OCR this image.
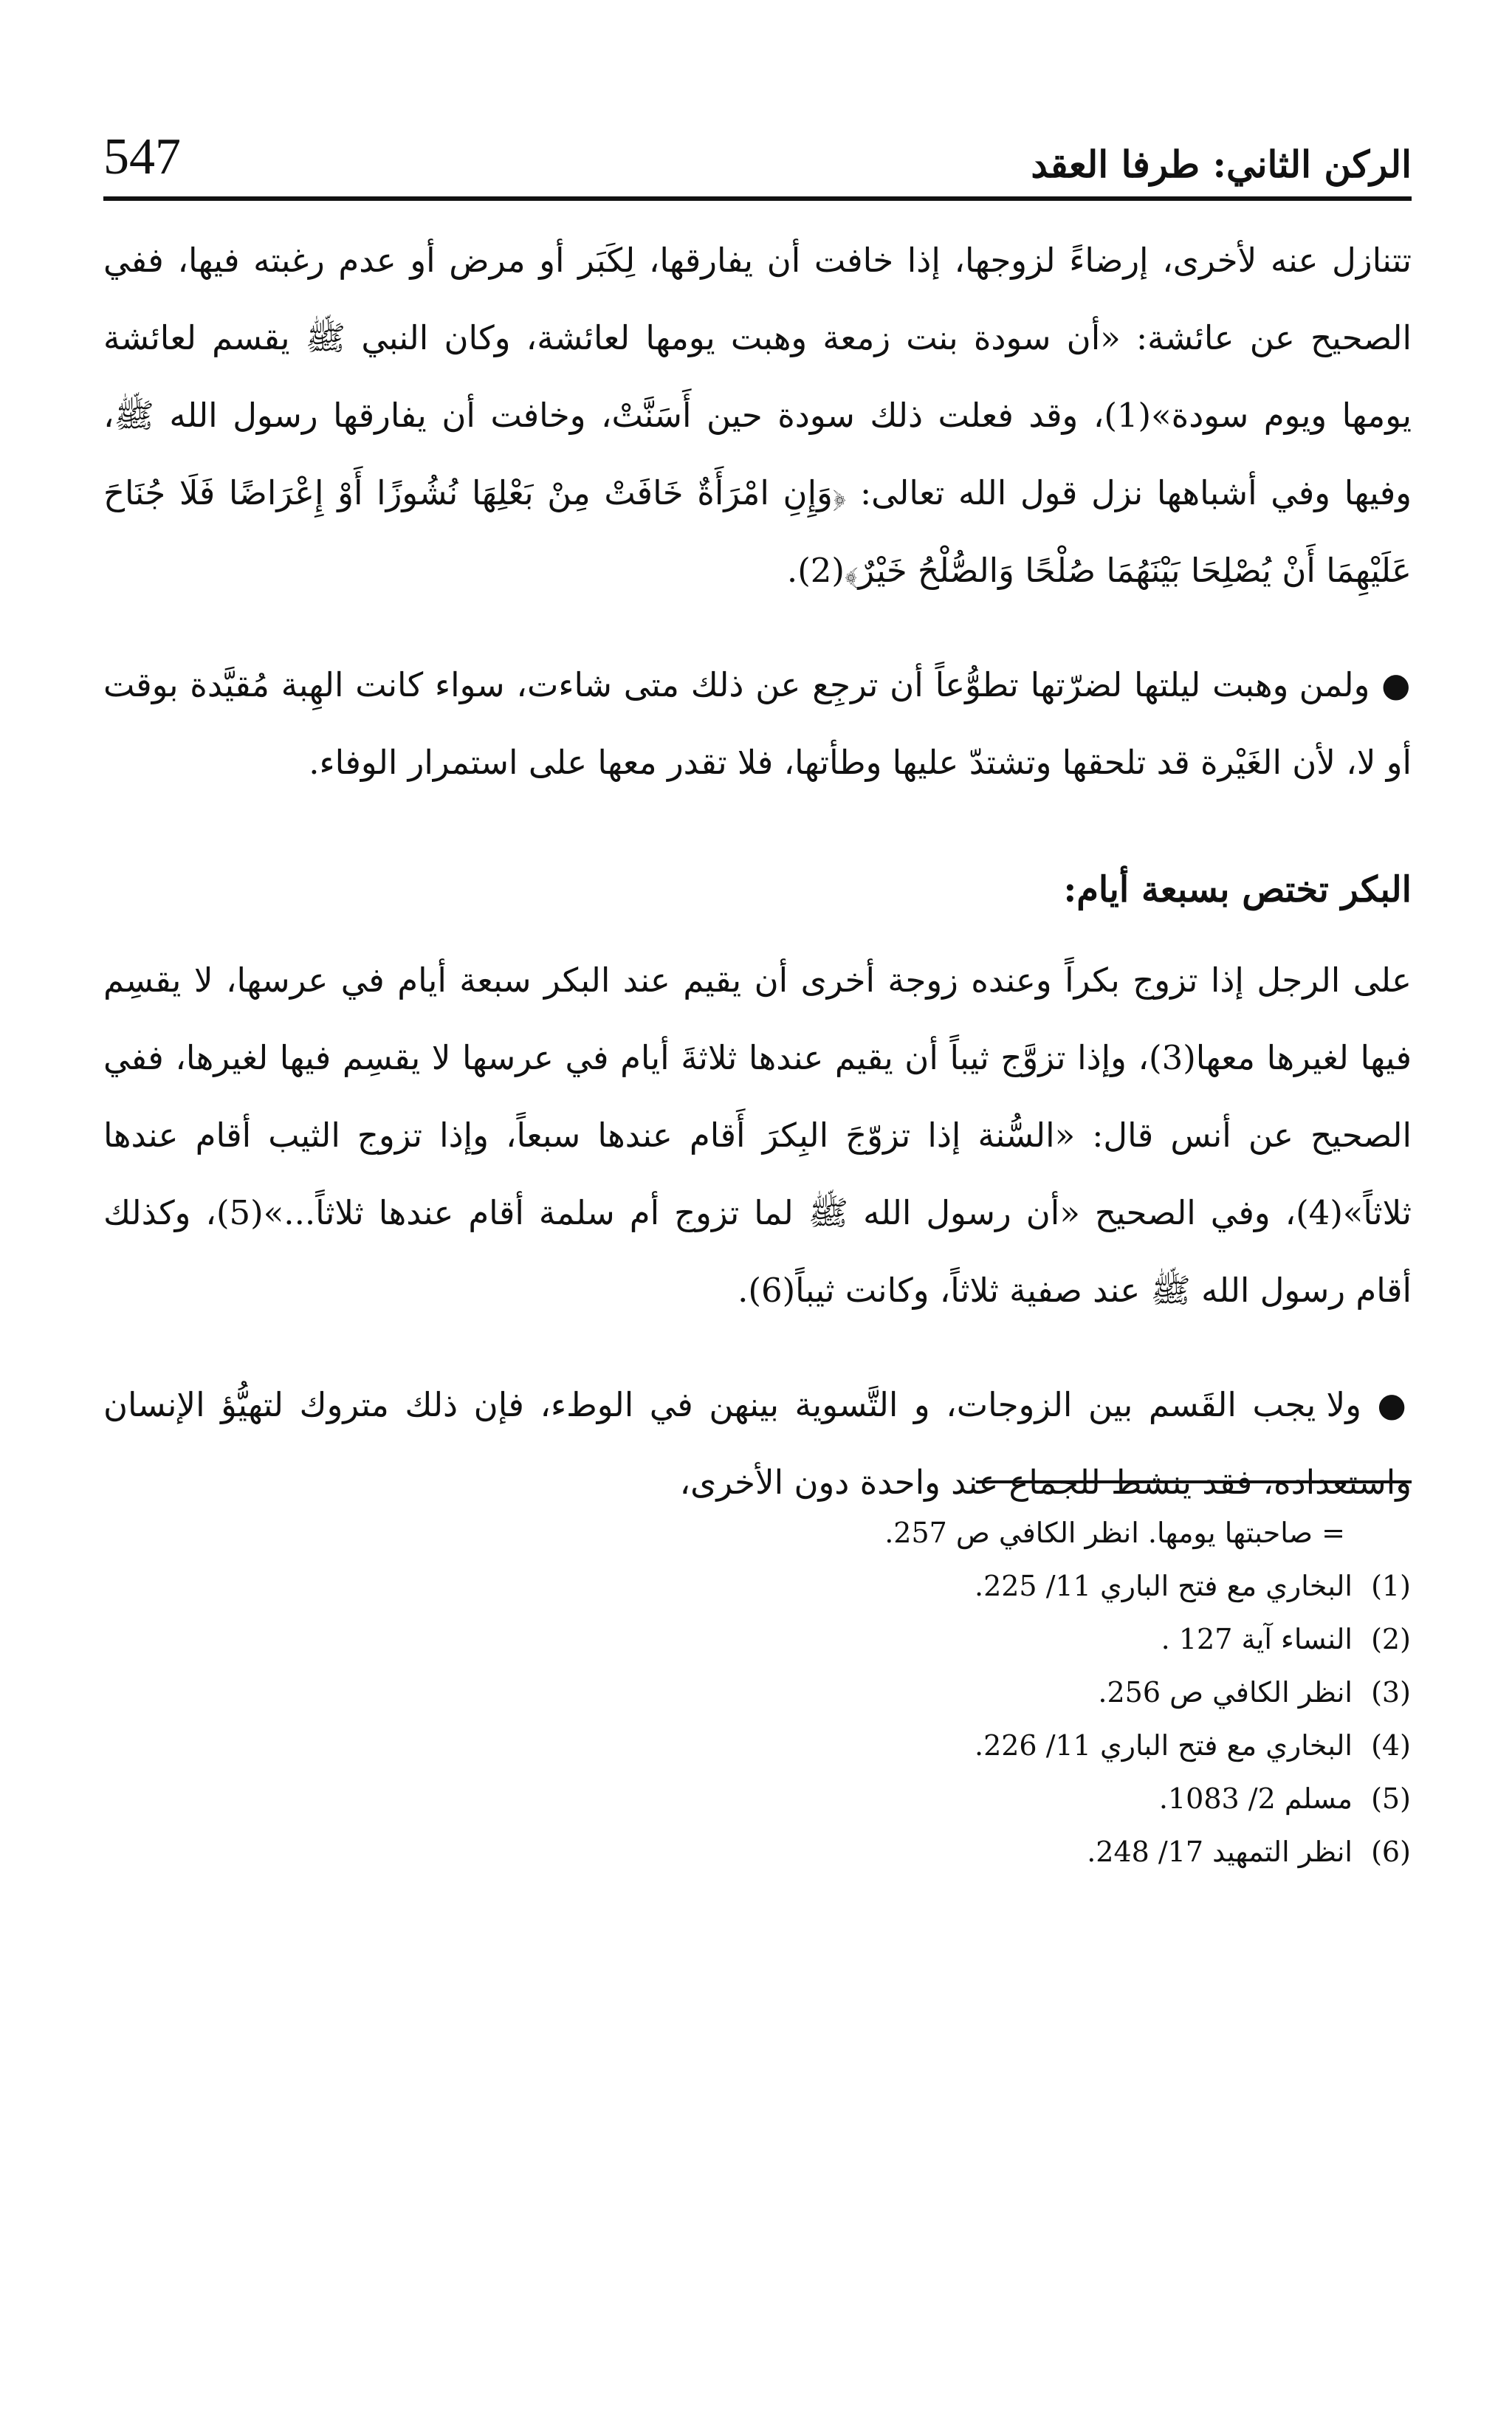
547	الركن الثاني: طرفا العقد

تتنازل عنه لأخرى، إرضاءً لزوجها، إذا خافت أن يفارقها، لِكَبَر أو مرض أو عدم رغبته فيها، ففي الصحيح عن عائشة: «أن سودة بنت زمعة وهبت يومها لعائشة، وكان النبي ﷺ يقسم لعائشة يومها ويوم سودة»(1)، وقد فعلت ذلك سودة حين أَسَنَّتْ، وخافت أن يفارقها رسول الله ﷺ، وفيها وفي أشباهها نزل قول الله تعالى: ﴿وَإِنِ امْرَأَةٌ خَافَتْ مِنْ بَعْلِهَا نُشُوزًا أَوْ إِعْرَاضًا فَلَا جُنَاحَ عَلَيْهِمَا أَنْ يُصْلِحَا بَيْنَهُمَا صُلْحًا وَالصُّلْحُ خَيْرٌ﴾(2).

● ولمن وهبت ليلتها لضرّتها تطوُّعاً أن ترجِع عن ذلك متى شاءت، سواء كانت الهِبة مُقيَّدة بوقت أو لا، لأن الغَيْرة قد تلحقها وتشتدّ عليها وطأتها، فلا تقدر معها على استمرار الوفاء.

البكر تختص بسبعة أيام:

على الرجل إذا تزوج بكراً وعنده زوجة أخرى أن يقيم عند البكر سبعة أيام في عرسها، لا يقسِم فيها لغيرها معها(3)، وإذا تزوَّج ثيباً أن يقيم عندها ثلاثةَ أيام في عرسها لا يقسِم فيها لغيرها، ففي الصحيح عن أنس قال: «السُّنة إذا تزوّجَ البِكرَ أَقام عندها سبعاً، وإذا تزوج الثيب أقام عندها ثلاثاً»(4)، وفي الصحيح «أن رسول الله ﷺ لما تزوج أم سلمة أقام عندها ثلاثاً...»(5)، وكذلك أقام رسول الله ﷺ عند صفية ثلاثاً، وكانت ثيباً(6).

● ولا يجب القَسم بين الزوجات، و التَّسوية بينهن في الوطء، فإن ذلك متروك لتهيُّؤ الإنسان واستعداده، فقد ينشط للجماع عند واحدة دون الأخرى،

= صاحبتها يومها. انظر الكافي ص 257.
(1)
البخاري مع فتح الباري 11/ 225.
(2)
النساء آية 127 .
(3)
انظر الكافي ص 256.
(4)
البخاري مع فتح الباري 11/ 226.
(5)
مسلم 2/ 1083.
(6)
انظر التمهيد 17/ 248.
